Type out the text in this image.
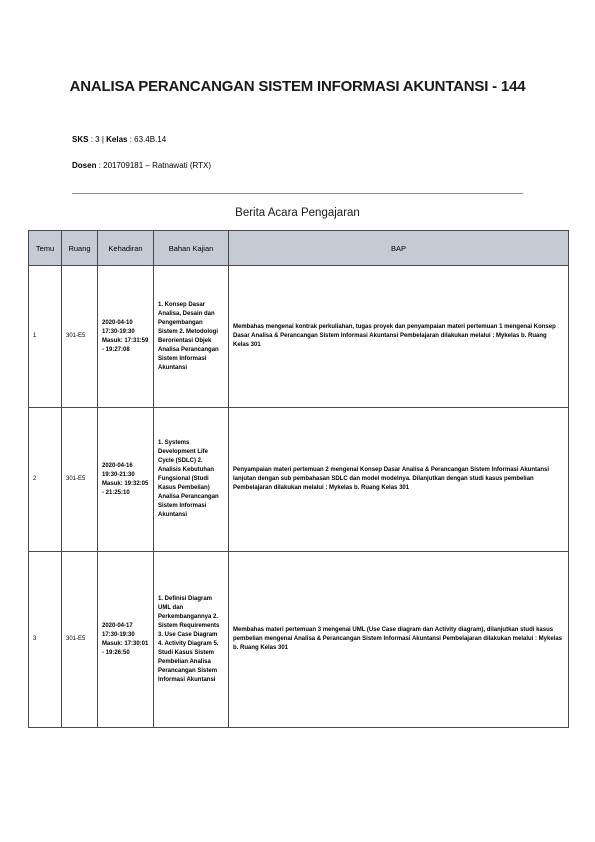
ANALISA PERANCANGAN SISTEM INFORMASI AKUNTANSI - 144
SKS : 3 | Kelas : 63.4B.14
Dosen : 201709181 – Ratnawati (RTX)
Berita Acara Pengajaran
Temu	Ruang	Kehadiran	Bahan Kajian	BAP
1	301-E5	2020-04-10 17:30-19:30 Masuk: 17:31:59 - 19:27:08	1. Konsep Dasar Analisa, Desain dan Pengembangan Sistem 2. Metodologi Berorientasi Objek Analisa Perancangan Sistem Informasi Akuntansi	Membahas mengenai kontrak perkuliahan, tugas proyek dan penyampaian materi pertemuan 1 mengenai Konsep Dasar Analisa & Perancangan Sistem Informasi Akuntansi Pembelajaran dilakukan melalui : Mykelas b. Ruang Kelas 301
2	301-E5	2020-04-16 19:30-21:30 Masuk: 19:32:05 - 21:25:10	1. Systems Development Life Cycle (SDLC) 2. Analisis Kebutuhan Fungsional (Studi Kasus Pembelian) Analisa Perancangan Sistem Informasi Akuntansi	Penyampaian materi pertemuan 2 mengenai Konsep Dasar Analisa & Perancangan Sistem Informasi Akuntansi lanjutan dengan sub pembahasan SDLC dan model modelnya. Dilanjutkan dengan studi kasus pembelian Pembelajaran dilakukan melalui : Mykelas b. Ruang Kelas 301
3	301-E5	2020-04-17 17:30-19:30 Masuk: 17:30:01 - 19:26:50	1. Definisi Diagram UML dan Perkembangannya 2. Sistem Requirements 3. Use Case Diagram 4. Activity Diagram 5. Studi Kasus Sistem Pembelian Analisa Perancangan Sistem Informasi Akuntansi	Membahas materi pertemuan 3 mengenai UML (Use Case diagram dan Activity diagram), dilanjutkan studi kasus pembelian mengenai Analisa & Perancangan Sistem Informasi Akuntansi Pembelajaran dilakukan melalui : Mykelas b. Ruang Kelas 301
